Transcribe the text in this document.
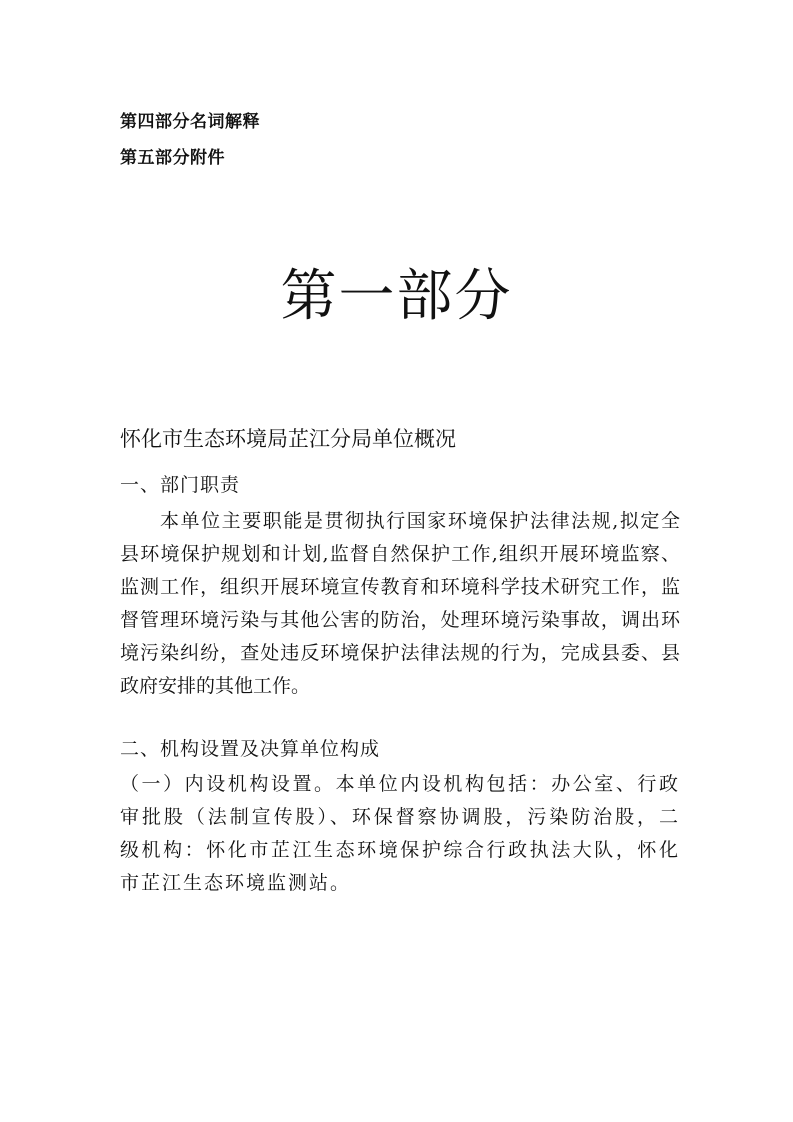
第四部分名词解释
第五部分附件
第一部分
怀化市生态环境局芷江分局单位概况
一、部门职责
本单位主要职能是贯彻执行国家环境保护法律法规,拟定全
县环境保护规划和计划,监督自然保护工作,组织开展环境监察、
监测工作，组织开展环境宣传教育和环境科学技术研究工作，监
督管理环境污染与其他公害的防治，处理环境污染事故，调出环
境污染纠纷，查处违反环境保护法律法规的行为，完成县委、县
政府安排的其他工作。
二、机构设置及决算单位构成
（一）内设机构设置。本单位内设机构包括：办公室、行政
审批股（法制宣传股）、环保督察协调股，污染防治股，二
级机构：怀化市芷江生态环境保护综合行政执法大队，怀化
市芷江生态环境监测站。
